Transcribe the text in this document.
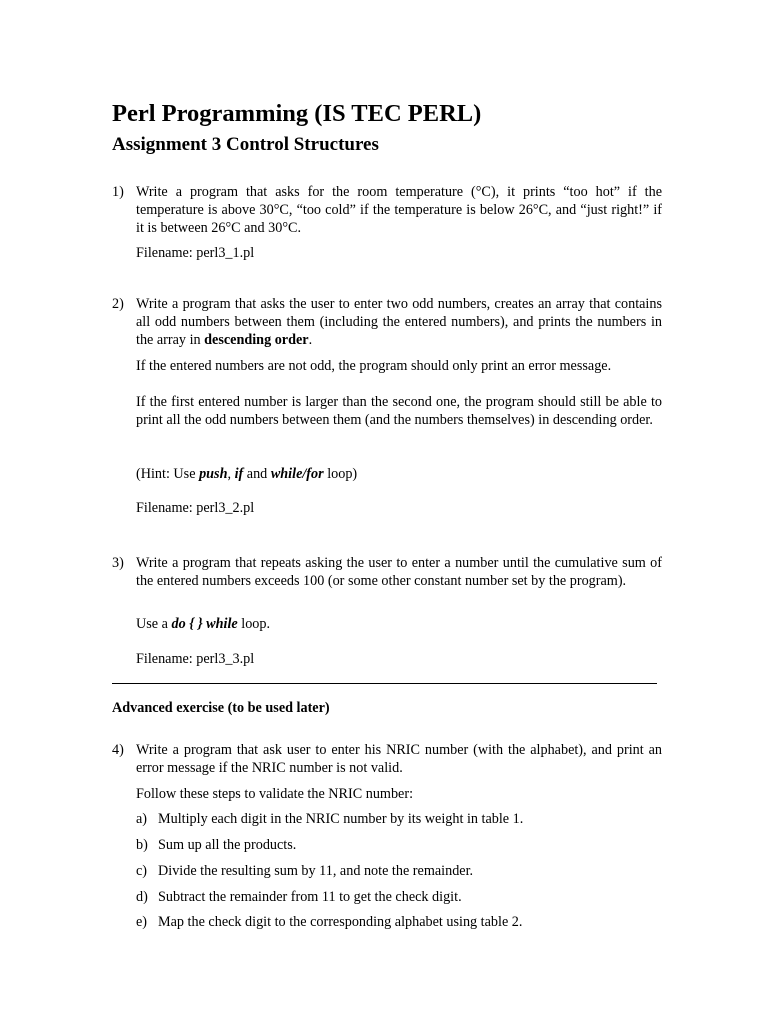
Perl Programming (IS TEC PERL)
Assignment 3 Control Structures
1) Write a program that asks for the room temperature (°C), it prints “too hot” if the temperature is above 30°C, “too cold” if the temperature is below 26°C, and “just right!” if it is between 26°C and 30°C.

Filename: perl3_1.pl

2) Write a program that asks the user to enter two odd numbers, creates an array that contains all odd numbers between them (including the entered numbers), and prints the numbers in the array in descending order.

If the entered numbers are not odd, the program should only print an error message.

If the first entered number is larger than the second one, the program should still be able to print all the odd numbers between them (and the numbers themselves) in descending order.

(Hint: Use push, if and while/for loop)

Filename: perl3_2.pl

3) Write a program that repeats asking the user to enter a number until the cumulative sum of the entered numbers exceeds 100 (or some other constant number set by the program).

Use a do { } while loop.

Filename: perl3_3.pl

Advanced exercise (to be used later)

4) Write a program that ask user to enter his NRIC number (with the alphabet), and print an error message if the NRIC number is not valid.

Follow these steps to validate the NRIC number:

a) Multiply each digit in the NRIC number by its weight in table 1.
b) Sum up all the products.
c) Divide the resulting sum by 11, and note the remainder.
d) Subtract the remainder from 11 to get the check digit.
e) Map the check digit to the corresponding alphabet using table 2.
